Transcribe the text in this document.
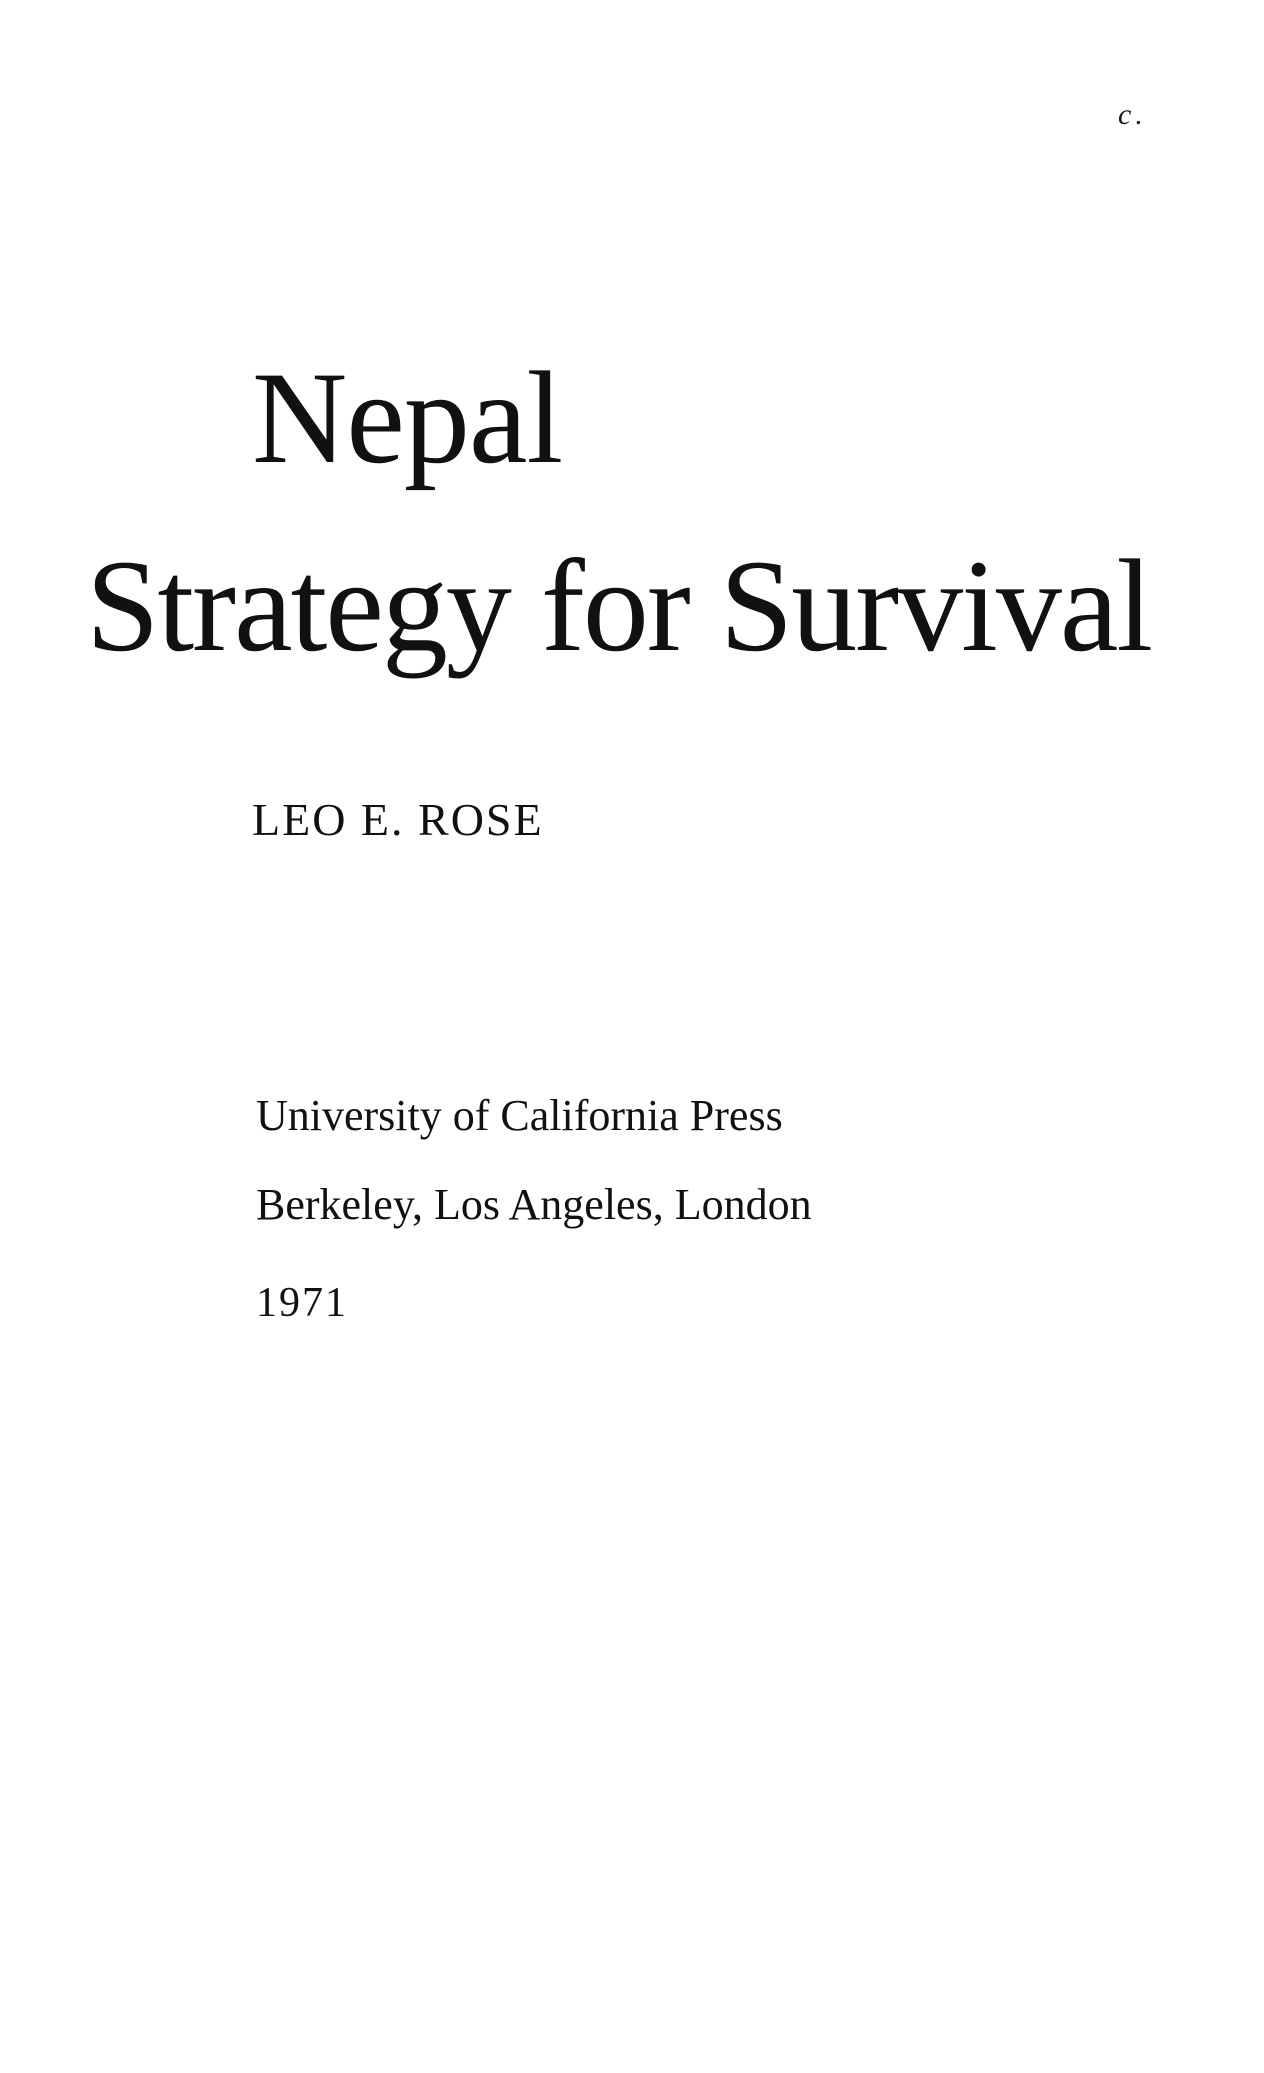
c.
Nepal
Strategy for Survival
LEO E. ROSE
University of California Press
Berkeley, Los Angeles, London
1971
